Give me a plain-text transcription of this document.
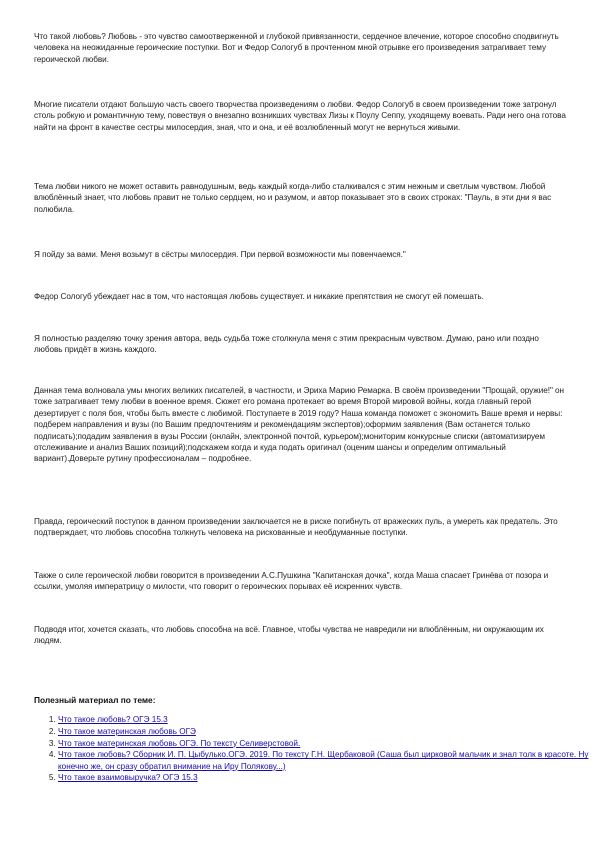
Что такой любовь? Любовь - это чувство самоотверженной и глубокой привязанности, сердечное влечение, которое способно сподвигнуть человека на неожиданные героические поступки. Вот и Федор Сологуб в прочтенном мной отрывке его произведения затрагивает тему героической любви.

Многие писатели отдают большую часть своего творчества произведениям о любви. Федор Сологуб в своем произведении тоже затронул столь робкую и романтичную тему, повествуя о внезапно возникших чувствах Лизы к Поулу Сеппу, уходящему воевать. Ради него она готова найти на фронт в качестве сестры милосердия, зная, что и она, и её возлюбленный могут не вернуться живыми.

Тема любви никого не может оставить равнодушным, ведь каждый когда-либо сталкивался с этим нежным и светлым чувством. Любой влюблённый знает, что любовь правит не только сердцем, но и разумом, и автор показывает это в своих строках: "Пауль, в эти дни я вас полюбила.

Я пойду за вами. Меня возьмут в сёстры милосердия. При первой возможности мы повенчаемся."

Федор Сологуб убеждает нас в том, что настоящая любовь существует. и никакие препятствия не смогут ей помешать.

Я полностью разделяю точку зрения автора, ведь судьба тоже столкнула меня с этим прекрасным чувством. Думаю, рано или поздно любовь придёт в жизнь каждого.

Данная тема волновала умы многих великих писателей, в частности, и Эриха Марию Ремарка. В своём произведении "Прощай, оружие!" он тоже затрагивает тему любви в военное время. Сюжет его романа протекает во время Второй мировой войны, когда главный герой дезертирует с поля боя, чтобы быть вместе с любимой. Поступаете в 2019 году? Наша команда поможет с экономить Ваше время и нервы: подберем направления и вузы (по Вашим предпочтениям и рекомендациям экспертов);оформим заявления (Вам останется только подписать);подадим заявления в вузы России (онлайн, электронной почтой, курьером);мониторим конкурсные списки (автоматизируем отслеживание и анализ Ваших позиций);подскажем когда и куда подать оригинал (оценим шансы и определим оптимальный вариант).Доверьте рутину профессионалам – подробнее.

Правда, героический поступок в данном произведении заключается не в риске погибнуть от вражеских пуль, а умереть как предатель. Это подтверждает, что любовь способна толкнуть человека на рискованные и необдуманные поступки.

Также о силе героической любви говорится в произведении А.С.Пушкина "Капитанская дочка", когда Маша спасает Гринёва от позора и ссылки, умоляя императрицу о милости, что говорит о героических порывах её искренних чувств.

Подводя итог, хочется сказать, что любовь способна на всё. Главное, чтобы чувства не навредили ни влюблённым, ни окружающим их людям.

Полезный материал по теме:

1. Что такое любовь? ОГЭ 15.3
2. Что такое материнская любовь ОГЭ
3. Что такое материнская любовь ОГЭ. По тексту Селиверстовой.
4. Что такое любовь? Сборник И. П. Цыбулько.ОГЭ. 2019. По тексту Г.Н. Щербаковой (Саша был цирковой мальчик и знал толк в красоте. Ну конечно же, он сразу обратил внимание на Иру Полякову...)
5. Что такое взаимовыручка? ОГЭ 15.3
